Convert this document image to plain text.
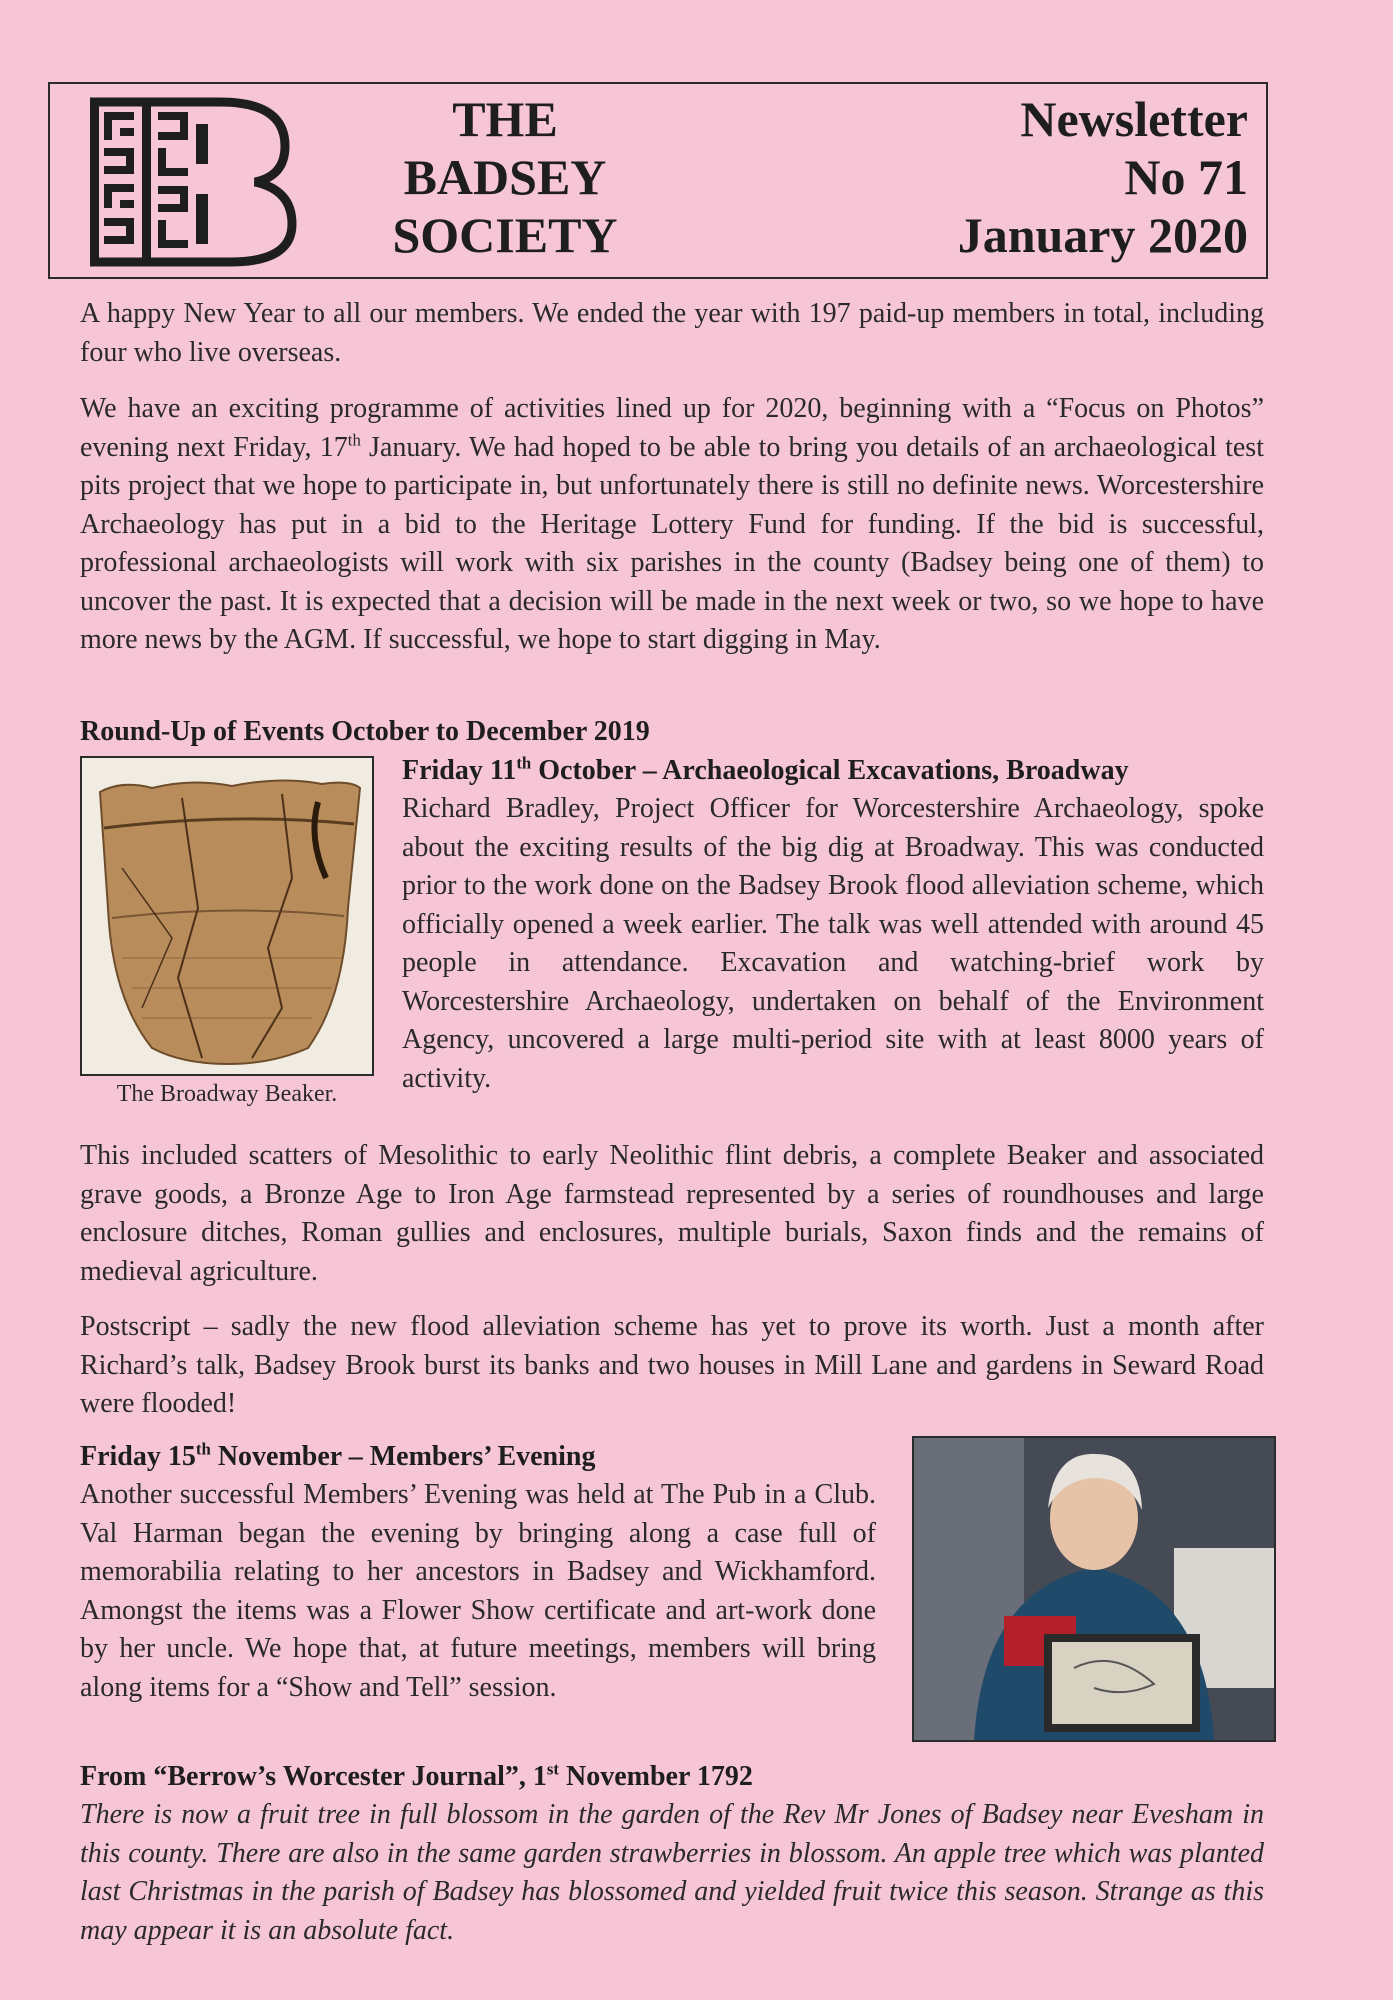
THE
BADSEY
SOCIETY
Newsletter
No 71
January 2020

A happy New Year to all our members. We ended the year with 197 paid-up members in total, including four who live overseas.

We have an exciting programme of activities lined up for 2020, beginning with a “Focus on Photos” evening next Friday, 17th January. We had hoped to be able to bring you details of an archaeological test pits project that we hope to participate in, but unfortunately there is still no definite news. Worcestershire Archaeology has put in a bid to the Heritage Lottery Fund for funding. If the bid is successful, professional archaeologists will work with six parishes in the county (Badsey being one of them) to uncover the past. It is expected that a decision will be made in the next week or two, so we hope to have more news by the AGM. If successful, we hope to start digging in May.

Round-Up of Events October to December 2019

The Broadway Beaker.

Friday 11th October – Archaeological Excavations, Broadway

Richard Bradley, Project Officer for Worcestershire Archaeology, spoke about the exciting results of the big dig at Broadway. This was conducted prior to the work done on the Badsey Brook flood alleviation scheme, which officially opened a week earlier. The talk was well attended with around 45 people in attendance. Excavation and watching-brief work by Worcestershire Archaeology, undertaken on behalf of the Environment Agency, uncovered a large multi-period site with at least 8000 years of activity.

This included scatters of Mesolithic to early Neolithic flint debris, a complete Beaker and associated grave goods, a Bronze Age to Iron Age farmstead represented by a series of roundhouses and large enclosure ditches, Roman gullies and enclosures, multiple burials, Saxon finds and the remains of medieval agriculture.

Postscript – sadly the new flood alleviation scheme has yet to prove its worth. Just a month after Richard’s talk, Badsey Brook burst its banks and two houses in Mill Lane and gardens in Seward Road were flooded!

Friday 15th November – Members’ Evening

Another successful Members’ Evening was held at The Pub in a Club. Val Harman began the evening by bringing along a case full of memorabilia relating to her ancestors in Badsey and Wickhamford. Amongst the items was a Flower Show certificate and art-work done by her uncle. We hope that, at future meetings, members will bring along items for a “Show and Tell” session.

From “Berrow’s Worcester Journal”, 1st November 1792

There is now a fruit tree in full blossom in the garden of the Rev Mr Jones of Badsey near Evesham in this county. There are also in the same garden strawberries in blossom. An apple tree which was planted last Christmas in the parish of Badsey has blossomed and yielded fruit twice this season. Strange as this may appear it is an absolute fact.
